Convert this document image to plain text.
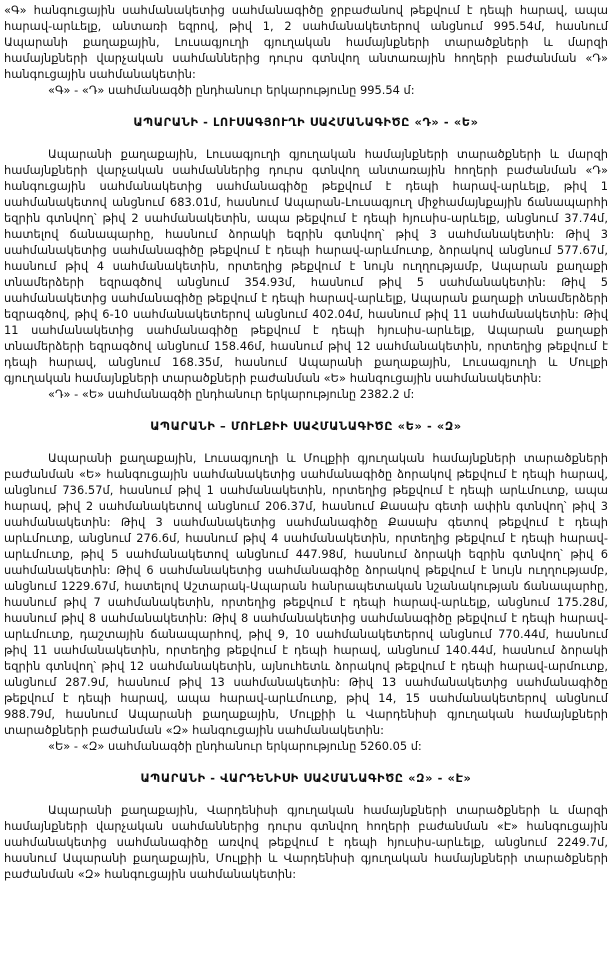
«Գ» հանգուցային սահմանակետից սահմանագիծը ջրբաժանով թեքվում է դեպի հարավ, ապա հարավ-արևելք, անտառի եզրով, թիվ 1, 2 սահմանակետերով անցնում 995.54մ, հասնում Ապարանի քաղաքային, Լուսագյուղի գյուղական համայնքների տարածքների և մարզի համայնքների վարչական սահմաններից դուրս գտնվող անտառային հողերի բաժանման «Դ» հանգուցային սահմանակետին:

«Գ» - «Դ» սահմանագծի ընդհանուր երկարությունը 995.54 մ:

ԱՊԱՐԱՆԻ - ԼՈՒՍԱԳՅՈՒՂԻ ՍԱՀՄԱՆԱԳԻԾԸ «Դ» - «Ե»

Ապարանի քաղաքային, Լուսագյուղի գյուղական համայնքների տարածքների և մարզի համայնքների վարչական սահմաններից դուրս գտնվող անտառային հողերի բաժանման «Դ» հանգուցային սահմանակետից սահմանագիծը թեքվում է դեպի հարավ-արևելք, թիվ 1 սահմանակետով անցնում 683.01մ, հասնում Ապարան-Լուսագյուղ միջհամայնքային ճանապարհի եզրին գտնվող՝ թիվ 2 սահմանակետին, ապա թեքվում է դեպի հյուսիս-արևելք, անցնում 37.74մ, հատելով ճանապարհը, հասնում ձորակի եզրին գտնվող՝ թիվ 3 սահմանակետին: Թիվ 3 սահմանակետից սահմանագիծը թեքվում է դեպի հարավ-արևմուտք, ձորակով անցնում 577.67մ, հասնում թիվ 4 սահմանակետին, որտեղից թեքվում է նույն ուղղությամբ, Ապարան քաղաքի տնամերձերի եզրագծով անցնում 354.93մ, հասնում թիվ 5 սահմանակետին: Թիվ 5 սահմանակետից սահմանագիծը թեքվում է դեպի հարավ-արևելք, Ապարան քաղաքի տնամերձերի եզրագծով, թիվ 6-10 սահմանակետերով անցնում 402.04մ, հասնում թիվ 11 սահմանակետին: Թիվ 11 սահմանակետից սահմանագիծը թեքվում է դեպի հյուսիս-արևելք, Ապարան քաղաքի տնամերձերի եզրագծով անցնում 158.46մ, հասնում թիվ 12 սահմանակետին, որտեղից թեքվում է դեպի հարավ, անցնում 168.35մ, հասնում Ապարանի քաղաքային, Լուսագյուղի և Մուլքի գյուղական համայնքների տարածքների բաժանման «Ե» հանգուցային սահմանակետին:

«Դ» - «Ե» սահմանագծի ընդհանուր երկարությունը 2382.2 մ:

ԱՊԱՐԱՆԻ – ՄՈՒԼՔԻԻ ՍԱՀՄԱՆԱԳԻԾԸ «Ե» - «Զ»

Ապարանի քաղաքային, Լուսագյուղի և Մուլքիի գյուղական համայնքների տարածքների բաժանման «Ե» հանգուցային սահմանակետից սահմանագիծը ձորակով թեքվում է դեպի հարավ, անցնում 736.57մ, հասնում թիվ 1 սահմանակետին, որտեղից թեքվում է դեպի արևմուտք, ապա հարավ, թիվ 2 սահմանակետով անցնում 206.37մ, հասնում Քասախ գետի ափին գտնվող՝ թիվ 3 սահմանակետին: Թիվ 3 սահմանակետից սահմանագիծը Քասախ գետով թեքվում է դեպի արևմուտք, անցնում 276.6մ, հասնում թիվ 4 սահմանակետին, որտեղից թեքվում է դեպի հարավ-արևմուտք, թիվ 5 սահմանակետով անցնում 447.98մ, հասնում ձորակի եզրին գտնվող՝ թիվ 6 սահմանակետին: Թիվ 6 սահմանակետից սահմանագիծը ձորակով թեքվում է նույն ուղղությամբ, անցնում 1229.67մ, հատելով Աշտարակ-Ապարան հանրապետական նշանակության ճանապարհը, հասնում թիվ 7 սահմանակետին, որտեղից թեքվում է դեպի հարավ-արևելք, անցնում 175.28մ, հասնում թիվ 8 սահմանակետին: Թիվ 8 սահմանակետից սահմանագիծը թեքվում է դեպի հարավ-արևմուտք, դաշտային ճանապարհով, թիվ 9, 10 սահմանակետերով անցնում 770.44մ, հասնում թիվ 11 սահմանակետին, որտեղից թեքվում է դեպի հարավ, անցնում 140.44մ, հասնում ձորակի եզրին գտնվող՝ թիվ 12 սահմանակետին, այնուհետև ձորակով թեքվում է դեպի հարավ-արմուտք, անցնում 287.9մ, հասնում թիվ 13 սահմանակետին: Թիվ 13 սահմանակետից սահմանագիծը թեքվում է դեպի հարավ, ապա հարավ-արևմուտք, թիվ 14, 15 սահմանակետերով անցնում 988.79մ, հասնում Ապարանի քաղաքային, Մուլքիի և Վարդենիսի գյուղական համայնքների տարածքների բաժանման «Զ» հանգուցային սահմանակետին:

«Ե» - «Զ» սահմանագծի ընդհանուր երկարությունը 5260.05 մ:

ԱՊԱՐԱՆԻ - ՎԱՐԴԵՆԻՍԻ ՍԱՀՄԱՆԱԳԻԾԸ «Զ» - «Է»

Ապարանի քաղաքային, Վարդենիսի գյուղական համայնքների տարածքների և մարզի համայնքների վարչական սահմաններից դուրս գտնվող հողերի բաժանման «Է» հանգուցային սահմանակետից սահմանագիծը առվով թեքվում է դեպի հյուսիս-արևելք, անցնում 2249.7մ, հասնում Ապարանի քաղաքային, Մուլքիի և Վարդենիսի գյուղական համայնքների տարածքների բաժանման «Զ» հանգուցային սահմանակետին:
